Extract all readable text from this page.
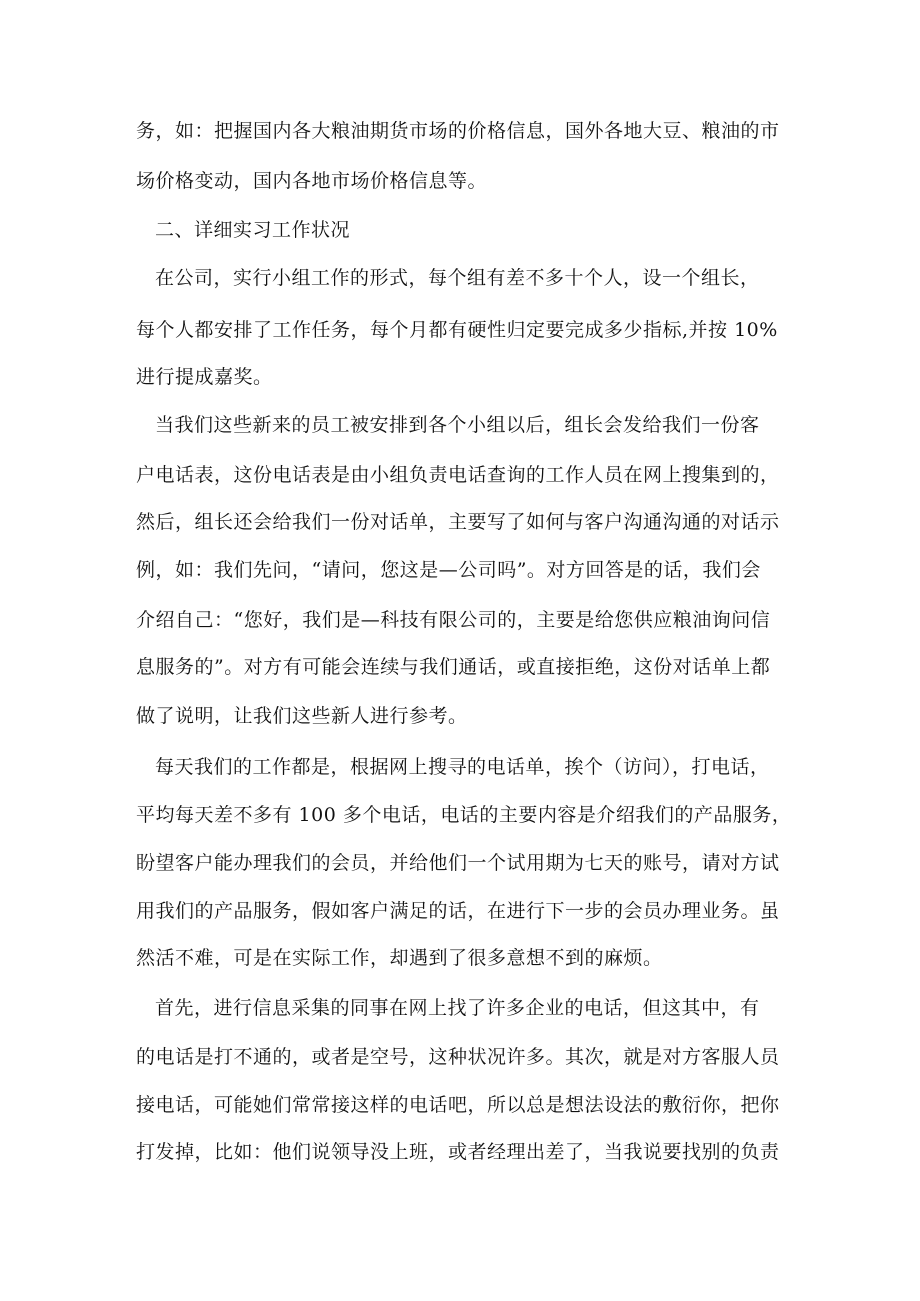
务，如：把握国内各大粮油期货市场的价格信息，国外各地大豆、粮油的市
场价格变动，国内各地市场价格信息等。
二、详细实习工作状况
在公司，实行小组工作的形式，每个组有差不多十个人，设一个组长，
每个人都安排了工作任务，每个月都有硬性归定要完成多少指标,并按 10%
进行提成嘉奖。
当我们这些新来的员工被安排到各个小组以后，组长会发给我们一份客
户电话表，这份电话表是由小组负责电话查询的工作人员在网上搜集到的，
然后，组长还会给我们一份对话单，主要写了如何与客户沟通沟通的对话示
例，如：我们先问，“请问，您这是—公司吗”。对方回答是的话，我们会
介绍自己：“您好，我们是—科技有限公司的，主要是给您供应粮油询问信
息服务的”。对方有可能会连续与我们通话，或直接拒绝，这份对话单上都
做了说明，让我们这些新人进行参考。
每天我们的工作都是，根据网上搜寻的电话单，挨个（访问），打电话，
平均每天差不多有 100 多个电话，电话的主要内容是介绍我们的产品服务，
盼望客户能办理我们的会员，并给他们一个试用期为七天的账号，请对方试
用我们的产品服务，假如客户满足的话，在进行下一步的会员办理业务。虽
然活不难，可是在实际工作，却遇到了很多意想不到的麻烦。
首先，进行信息采集的同事在网上找了许多企业的电话，但这其中，有
的电话是打不通的，或者是空号，这种状况许多。其次，就是对方客服人员
接电话，可能她们常常接这样的电话吧，所以总是想法设法的敷衍你，把你
打发掉，比如：他们说领导没上班，或者经理出差了，当我说要找别的负责
